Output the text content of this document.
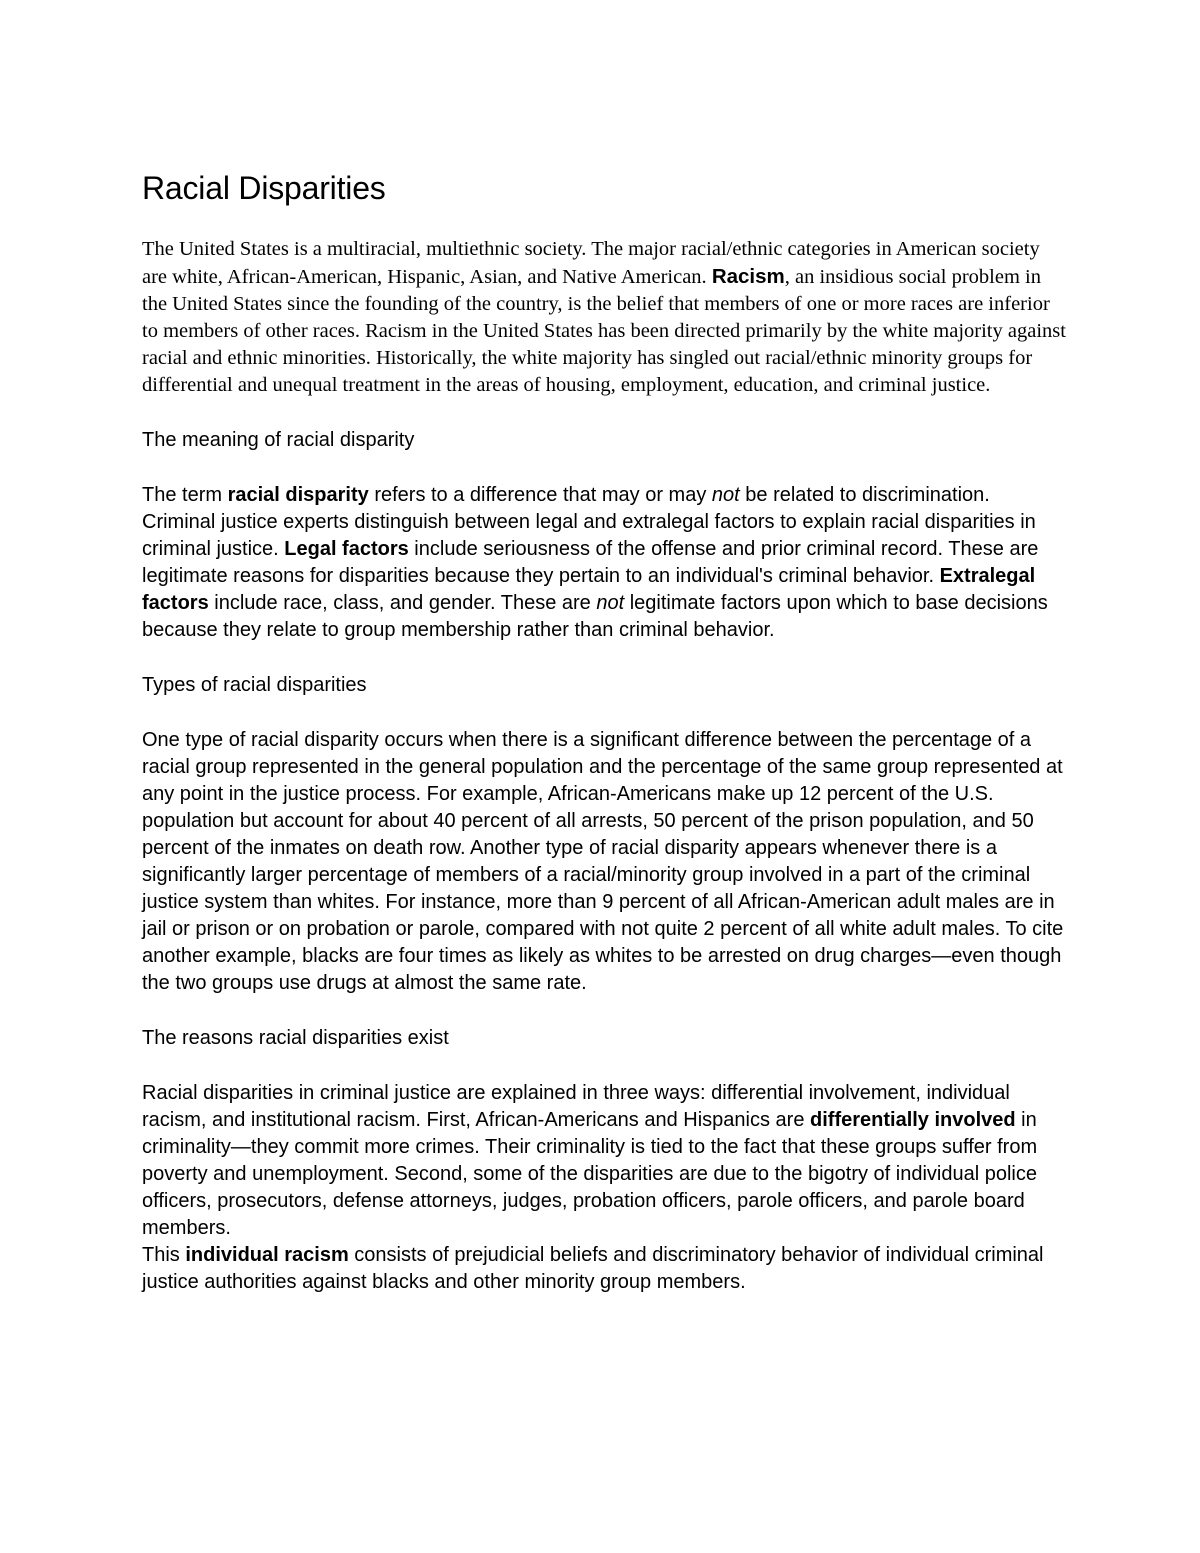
Racial Disparities

The United States is a multiracial, multiethnic society. The major racial/ethnic categories in American society are white, African-American, Hispanic, Asian, and Native American. Racism, an insidious social problem in the United States since the founding of the country, is the belief that members of one or more races are inferior to members of other races. Racism in the United States has been directed primarily by the white majority against racial and ethnic minorities. Historically, the white majority has singled out racial/ethnic minority groups for differential and unequal treatment in the areas of housing, employment, education, and criminal justice.

The meaning of racial disparity

The term racial disparity refers to a difference that may or may not be related to discrimination. Criminal justice experts distinguish between legal and extralegal factors to explain racial disparities in criminal justice. Legal factors include seriousness of the offense and prior criminal record. These are legitimate reasons for disparities because they pertain to an individual's criminal behavior. Extralegal factors include race, class, and gender. These are not legitimate factors upon which to base decisions because they relate to group membership rather than criminal behavior.

Types of racial disparities

One type of racial disparity occurs when there is a significant difference between the percentage of a racial group represented in the general population and the percentage of the same group represented at any point in the justice process. For example, African-Americans make up 12 percent of the U.S. population but account for about 40 percent of all arrests, 50 percent of the prison population, and 50 percent of the inmates on death row. Another type of racial disparity appears whenever there is a significantly larger percentage of members of a racial/minority group involved in a part of the criminal justice system than whites. For instance, more than 9 percent of all African-American adult males are in jail or prison or on probation or parole, compared with not quite 2 percent of all white adult males. To cite another example, blacks are four times as likely as whites to be arrested on drug charges—even though the two groups use drugs at almost the same rate.

The reasons racial disparities exist

Racial disparities in criminal justice are explained in three ways: differential involvement, individual racism, and institutional racism. First, African-Americans and Hispanics are differentially involved in criminality—they commit more crimes. Their criminality is tied to the fact that these groups suffer from poverty and unemployment. Second, some of the disparities are due to the bigotry of individual police officers, prosecutors, defense attorneys, judges, probation officers, parole officers, and parole board members.
This individual racism consists of prejudicial beliefs and discriminatory behavior of individual criminal justice authorities against blacks and other minority group members.
